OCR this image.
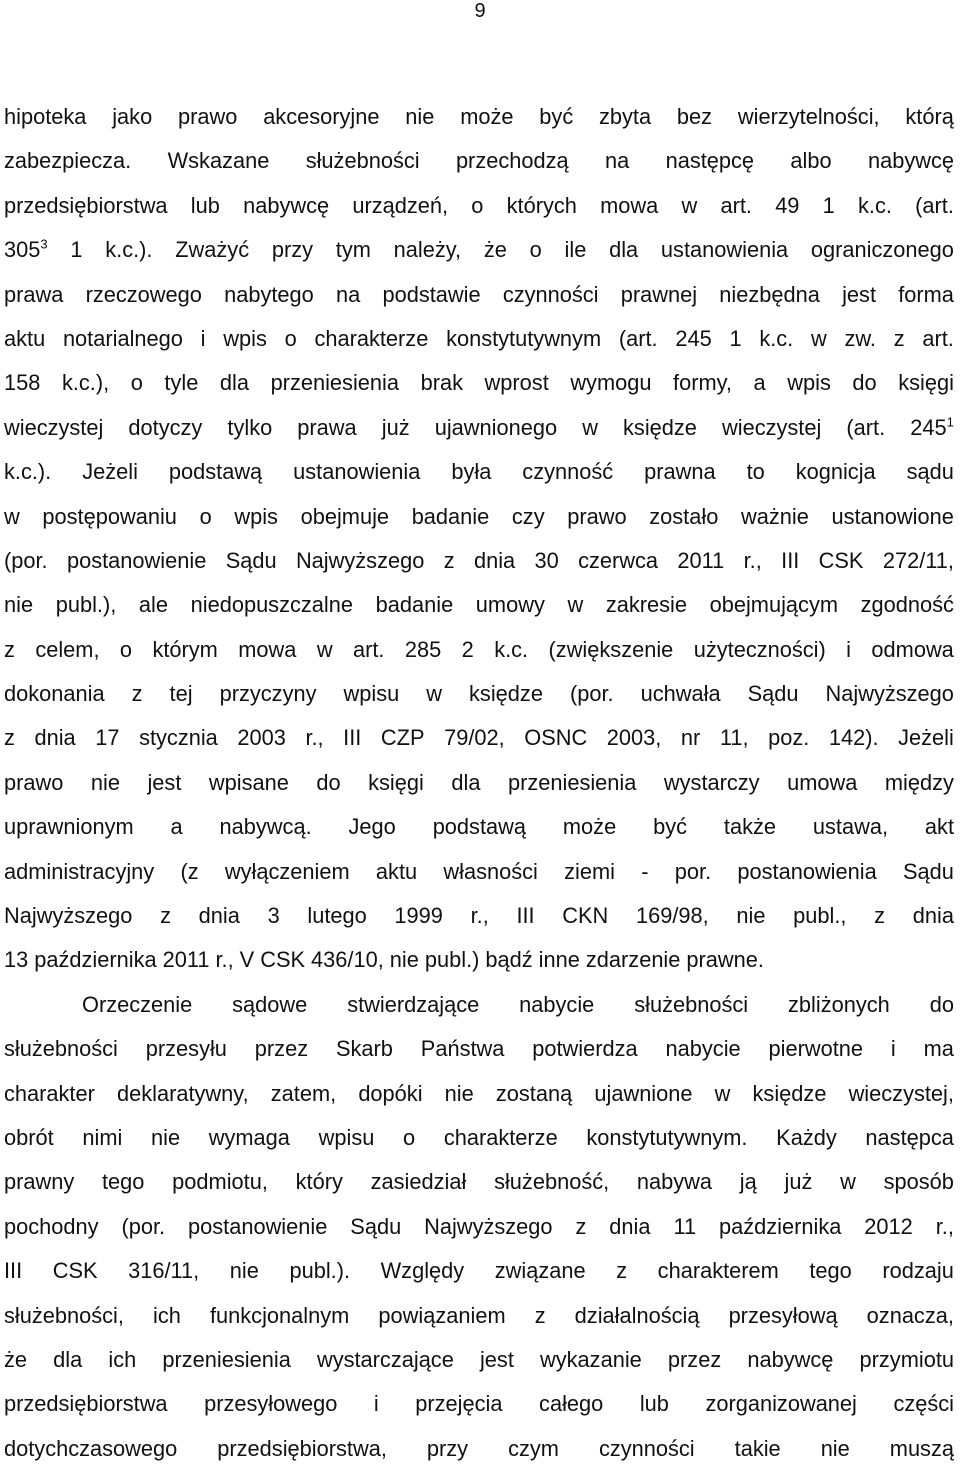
9
hipoteka jako prawo akcesoryjne nie może być zbyta bez wierzytelności, którą
zabezpiecza. Wskazane służebności przechodzą na następcę albo nabywcę
przedsiębiorstwa lub nabywcę urządzeń, o których mowa w art. 49 1 k.c. (art.
$305^3$ 1 k.c.). Zważyć przy tym należy, że o ile dla ustanowienia ograniczonego
prawa rzeczowego nabytego na podstawie czynności prawnej niezbędna jest forma
aktu notarialnego i wpis o charakterze konstytutywnym (art. 245 1 k.c. w zw. z art.
158 k.c.), o tyle dla przeniesienia brak wprost wymogu formy, a wpis do księgi
wieczystej dotyczy tylko prawa już ujawnionego w księdze wieczystej (art. $245^1$
k.c.). Jeżeli podstawą ustanowienia była czynność prawna to kognicja sądu
w postępowaniu o wpis obejmuje badanie czy prawo zostało ważnie ustanowione
(por. postanowienie Sądu Najwyższego z dnia 30 czerwca 2011 r., III CSK 272/11,
nie publ.), ale niedopuszczalne badanie umowy w zakresie obejmującym zgodność
z celem, o którym mowa w art. 285 2 k.c. (zwiększenie użyteczności) i odmowa
dokonania z tej przyczyny wpisu w księdze (por. uchwała Sądu Najwyższego
z dnia 17 stycznia 2003 r., III CZP 79/02, OSNC 2003, nr 11, poz. 142). Jeżeli
prawo nie jest wpisane do księgi dla przeniesienia wystarczy umowa między
uprawnionym a nabywcą. Jego podstawą może być także ustawa, akt
administracyjny (z wyłączeniem aktu własności ziemi - por. postanowienia Sądu
Najwyższego z dnia 3 lutego 1999 r., III CKN 169/98, nie publ., z dnia
13 października 2011 r., V CSK 436/10, nie publ.) bądź inne zdarzenie prawne.
Orzeczenie sądowe stwierdzające nabycie służebności zbliżonych do
służebności przesyłu przez Skarb Państwa potwierdza nabycie pierwotne i ma
charakter deklaratywny, zatem, dopóki nie zostaną ujawnione w księdze wieczystej,
obrót nimi nie wymaga wpisu o charakterze konstytutywnym. Każdy następca
prawny tego podmiotu, który zasiedział służebność, nabywa ją już w sposób
pochodny (por. postanowienie Sądu Najwyższego z dnia 11 października 2012 r.,
III CSK 316/11, nie publ.). Względy związane z charakterem tego rodzaju
służebności, ich funkcjonalnym powiązaniem z działalnością przesyłową oznacza,
że dla ich przeniesienia wystarczające jest wykazanie przez nabywcę przymiotu
przedsiębiorstwa przesyłowego i przejęcia całego lub zorganizowanej części
dotychczasowego przedsiębiorstwa, przy czym czynności takie nie muszą
